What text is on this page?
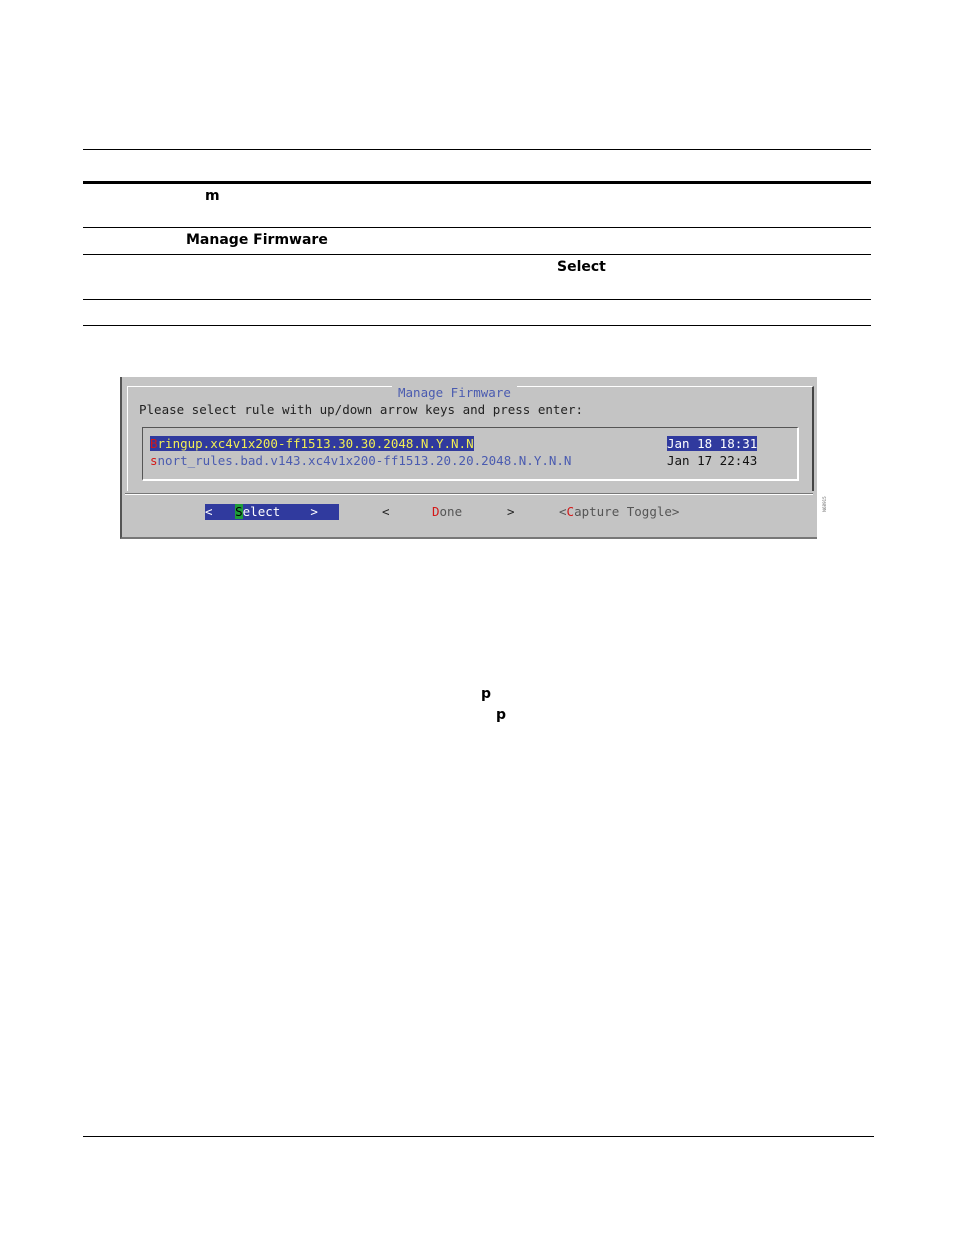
m
Manage Firmware
Select
Manage Firmware
Please select rule with up/down arrow keys and press enter:
Bringup.xc4v1x200-ff1513.30.30.2048.N.Y.N.N	Jan 18 18:31
snort_rules.bad.v143.xc4v1x200-ff1513.20.20.2048.N.Y.N.N	Jan 17 22:43
<   Select    >	<	Done	>	<Capture Toggle>	N68915
p
p
